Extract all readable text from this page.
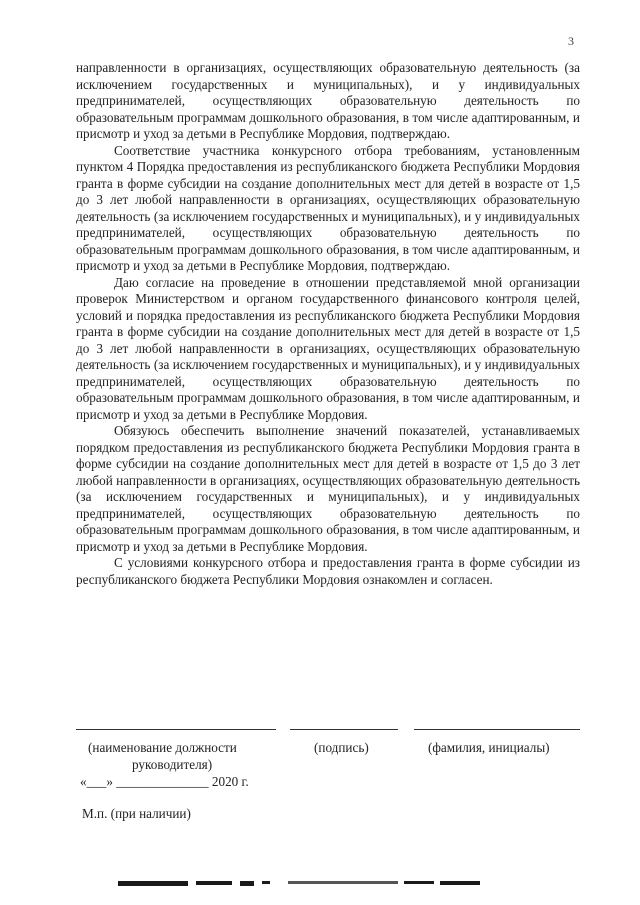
3

направленности в организациях, осуществляющих образовательную деятельность (за исключением государственных и муниципальных), и у индивидуальных предпринимателей, осуществляющих образовательную деятельность по образовательным программам дошкольного образования, в том числе адаптированным, и присмотр и уход за детьми в Республике Мордовия, подтверждаю.

Соответствие участника конкурсного отбора требованиям, установленным пунктом 4 Порядка предоставления из республиканского бюджета Республики Мордовия гранта в форме субсидии на создание дополнительных мест для детей в возрасте от 1,5 до 3 лет любой направленности в организациях, осуществляющих образовательную деятельность (за исключением государственных и муниципальных), и у индивидуальных предпринимателей, осуществляющих образовательную деятельность по образовательным программам дошкольного образования, в том числе адаптированным, и присмотр и уход за детьми в Республике Мордовия, подтверждаю.

Даю согласие на проведение в отношении представляемой мной организации проверок Министерством и органом государственного финансового контроля целей, условий и порядка предоставления из республиканского бюджета Республики Мордовия гранта в форме субсидии на создание дополнительных мест для детей в возрасте от 1,5 до 3 лет любой направленности в организациях, осуществляющих образовательную деятельность (за исключением государственных и муниципальных), и у индивидуальных предпринимателей, осуществляющих образовательную деятельность по образовательным программам дошкольного образования, в том числе адаптированным, и присмотр и уход за детьми в Республике Мордовия.

Обязуюсь обеспечить выполнение значений показателей, устанавливаемых порядком предоставления из республиканского бюджета Республики Мордовия гранта в форме субсидии на создание дополнительных мест для детей в возрасте от 1,5 до 3 лет любой направленности в организациях, осуществляющих образовательную деятельность (за исключением государственных и муниципальных), и у индивидуальных предпринимателей, осуществляющих образовательную деятельность по образовательным программам дошкольного образования, в том числе адаптированным, и присмотр и уход за детьми в Республике Мордовия.

С условиями конкурсного отбора и предоставления гранта в форме субсидии из республиканского бюджета Республики Мордовия ознакомлен и согласен.

(наименование должности
руководителя)
(подпись)	(фамилия, инициалы)
«___» ______________ 2020 г.
М.п. (при наличии)
